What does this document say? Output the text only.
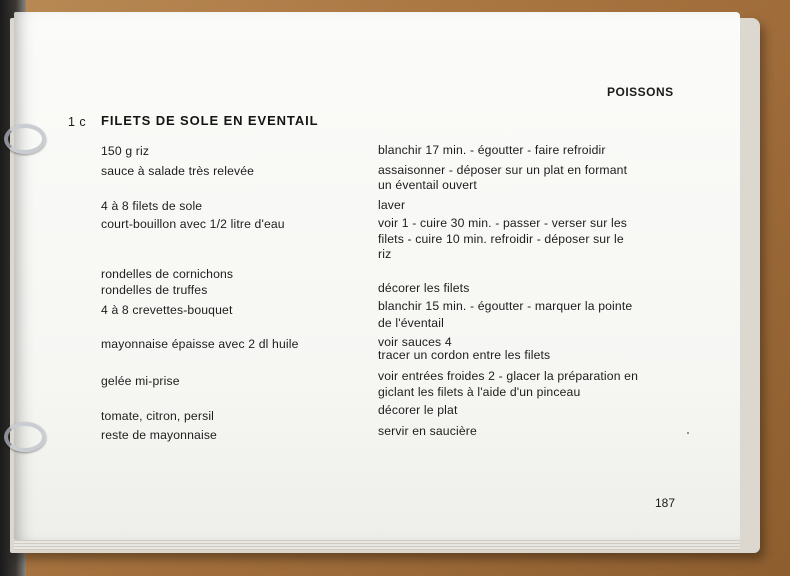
POISSONS
1 c FILETS DE SOLE EN EVENTAIL
150 g riz
sauce à salade très relevée
4 à 8 filets de sole
court-bouillon avec 1/2 litre d'eau
rondelles de cornichons
rondelles de truffes
4 à 8 crevettes-bouquet
mayonnaise épaisse avec 2 dl huile
gelée mi-prise
tomate, citron, persil
reste de mayonnaise
blanchir 17 min. - égoutter - faire refroidir
assaisonner - déposer sur un plat en formant
un éventail ouvert
laver
voir 1 - cuire 30 min. - passer - verser sur les
filets - cuire 10 min. refroidir - déposer sur le
riz
décorer les filets
blanchir 15 min. - égoutter - marquer la pointe
de l'éventail
voir sauces 4
tracer un cordon entre les filets
voir entrées froides 2 - glacer la préparation en
giclant les filets à l'aide d'un pinceau
décorer le plat
servir en saucière
187
